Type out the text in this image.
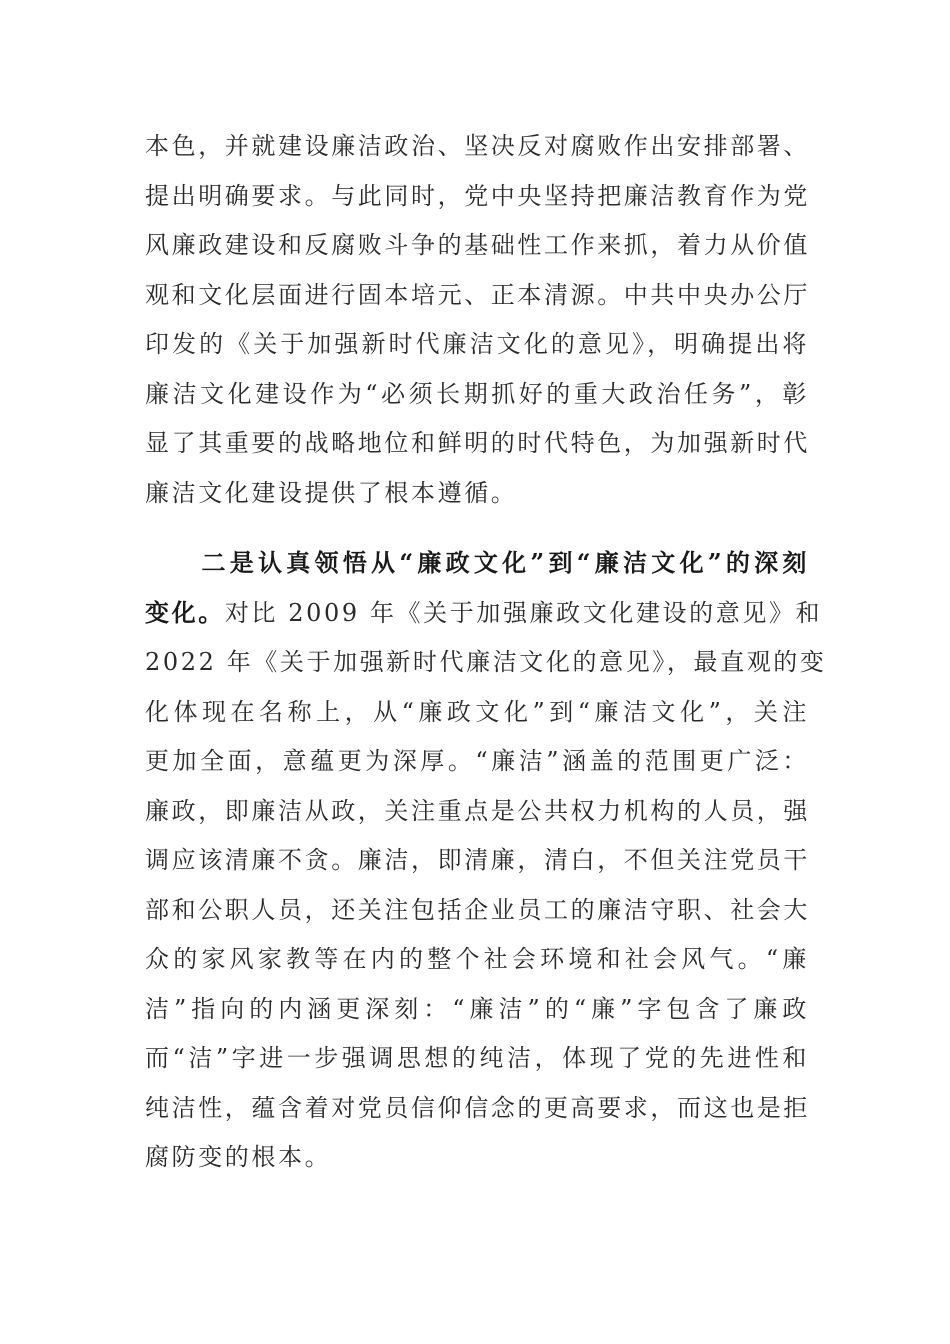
本色，并就建设廉洁政治、坚决反对腐败作出安排部署、
提出明确要求。与此同时，党中央坚持把廉洁教育作为党
风廉政建设和反腐败斗争的基础性工作来抓，着力从价值
观和文化层面进行固本培元、正本清源。中共中央办公厅
印发的《关于加强新时代廉洁文化的意见》，明确提出将
廉洁文化建设作为“必须长期抓好的重大政治任务”，彰
显了其重要的战略地位和鲜明的时代特色，为加强新时代
廉洁文化建设提供了根本遵循。
　　二是认真领悟从“廉政文化”到“廉洁文化”的深刻
变化。对比 2009 年《关于加强廉政文化建设的意见》和
2022 年《关于加强新时代廉洁文化的意见》，最直观的变
化体现在名称上，从“廉政文化”到“廉洁文化”，关注
更加全面，意蕴更为深厚。“廉洁”涵盖的范围更广泛：
廉政，即廉洁从政，关注重点是公共权力机构的人员，强
调应该清廉不贪。廉洁，即清廉，清白，不但关注党员干
部和公职人员，还关注包括企业员工的廉洁守职、社会大
众的家风家教等在内的整个社会环境和社会风气。“廉
洁”指向的内涵更深刻：“廉洁”的“廉”字包含了廉政
而“洁”字进一步强调思想的纯洁，体现了党的先进性和
纯洁性，蕴含着对党员信仰信念的更高要求，而这也是拒
腐防变的根本。
